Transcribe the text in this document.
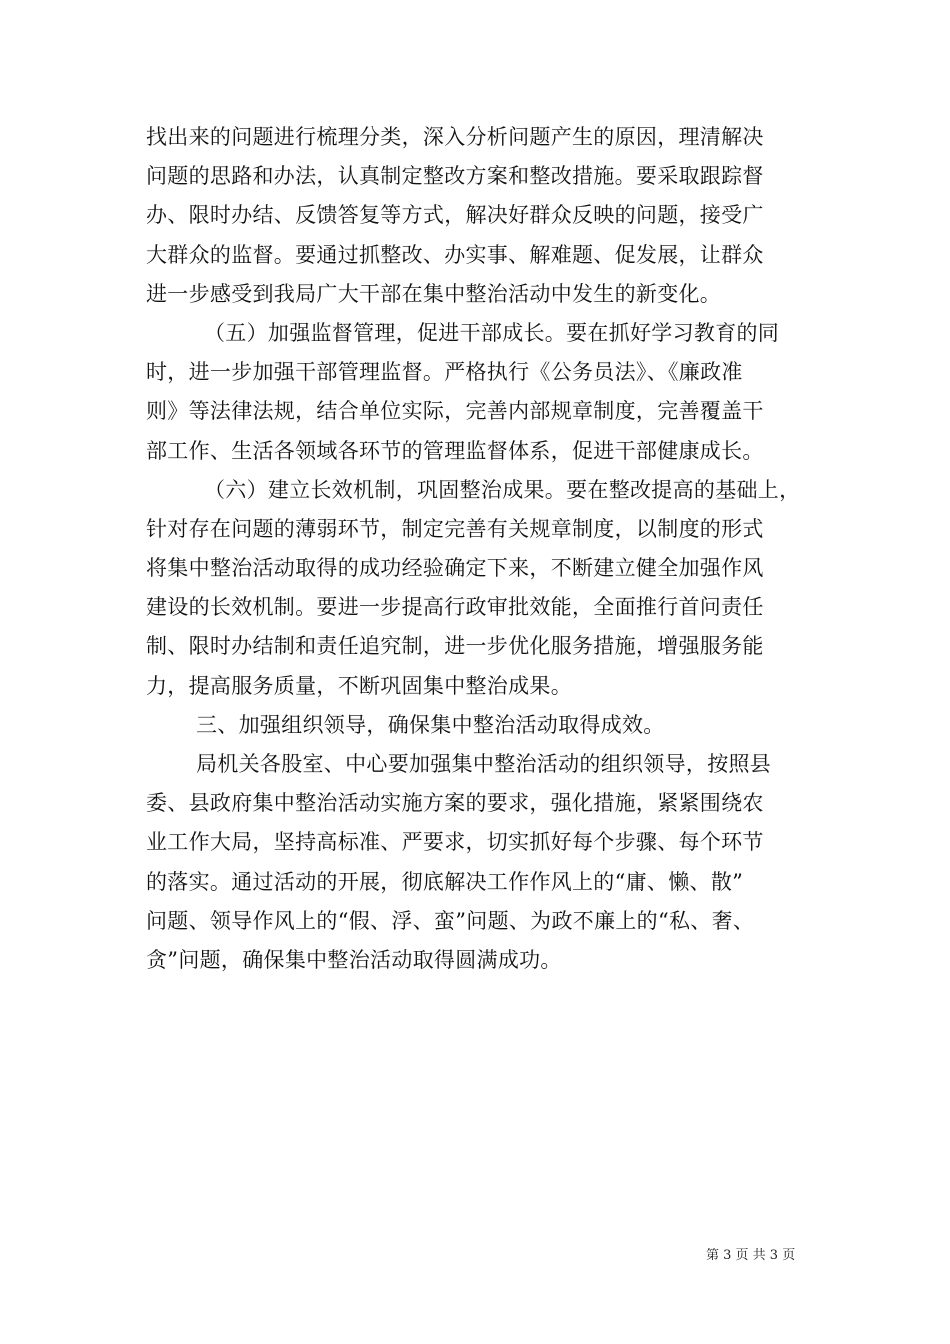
找出来的问题进行梳理分类，深入分析问题产生的原因，理清解决
问题的思路和办法，认真制定整改方案和整改措施。要采取跟踪督
办、限时办结、反馈答复等方式，解决好群众反映的问题，接受广
大群众的监督。要通过抓整改、办实事、解难题、促发展，让群众
进一步感受到我局广大干部在集中整治活动中发生的新变化。
（五）加强监督管理，促进干部成长。要在抓好学习教育的同
时，进一步加强干部管理监督。严格执行《公务员法》、《廉政准
则》等法律法规，结合单位实际，完善内部规章制度，完善覆盖干
部工作、生活各领域各环节的管理监督体系，促进干部健康成长。
（六）建立长效机制，巩固整治成果。要在整改提高的基础上，
针对存在问题的薄弱环节，制定完善有关规章制度，以制度的形式
将集中整治活动取得的成功经验确定下来，不断建立健全加强作风
建设的长效机制。要进一步提高行政审批效能，全面推行首问责任
制、限时办结制和责任追究制，进一步优化服务措施，增强服务能
力，提高服务质量，不断巩固集中整治成果。
三、加强组织领导，确保集中整治活动取得成效。
局机关各股室、中心要加强集中整治活动的组织领导，按照县
委、县政府集中整治活动实施方案的要求，强化措施，紧紧围绕农
业工作大局，坚持高标准、严要求，切实抓好每个步骤、每个环节
的落实。通过活动的开展，彻底解决工作作风上的“庸、懒、散”
问题、领导作风上的“假、浮、蛮”问题、为政不廉上的“私、奢、
贪”问题，确保集中整治活动取得圆满成功。
第 3 页 共 3 页
